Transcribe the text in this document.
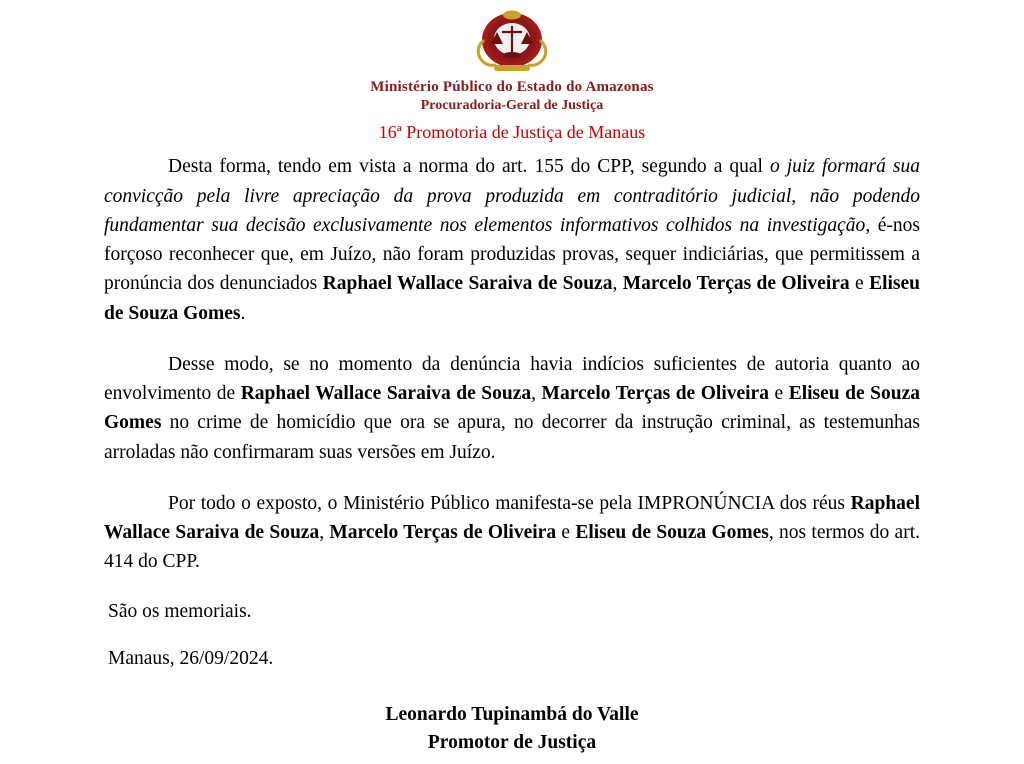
Ministério Público do Estado do Amazonas
Procuradoria-Geral de Justiça
16ª Promotoria de Justiça de Manaus

Desta forma, tendo em vista a norma do art. 155 do CPP, segundo a qual o juiz formará sua convicção pela livre apreciação da prova produzida em contraditório judicial, não podendo fundamentar sua decisão exclusivamente nos elementos informativos colhidos na investigação, é-nos forçoso reconhecer que, em Juízo, não foram produzidas provas, sequer indiciárias, que permitissem a pronúncia dos denunciados Raphael Wallace Saraiva de Souza, Marcelo Terças de Oliveira e Eliseu de Souza Gomes.

Desse modo, se no momento da denúncia havia indícios suficientes de autoria quanto ao envolvimento de Raphael Wallace Saraiva de Souza, Marcelo Terças de Oliveira e Eliseu de Souza Gomes no crime de homicídio que ora se apura, no decorrer da instrução criminal, as testemunhas arroladas não confirmaram suas versões em Juízo.

Por todo o exposto, o Ministério Público manifesta-se pela IMPRONÚNCIA dos réus Raphael Wallace Saraiva de Souza, Marcelo Terças de Oliveira e Eliseu de Souza Gomes, nos termos do art. 414 do CPP.

São os memoriais.

Manaus, 26/09/2024.

Leonardo Tupinambá do Valle
Promotor de Justiça
